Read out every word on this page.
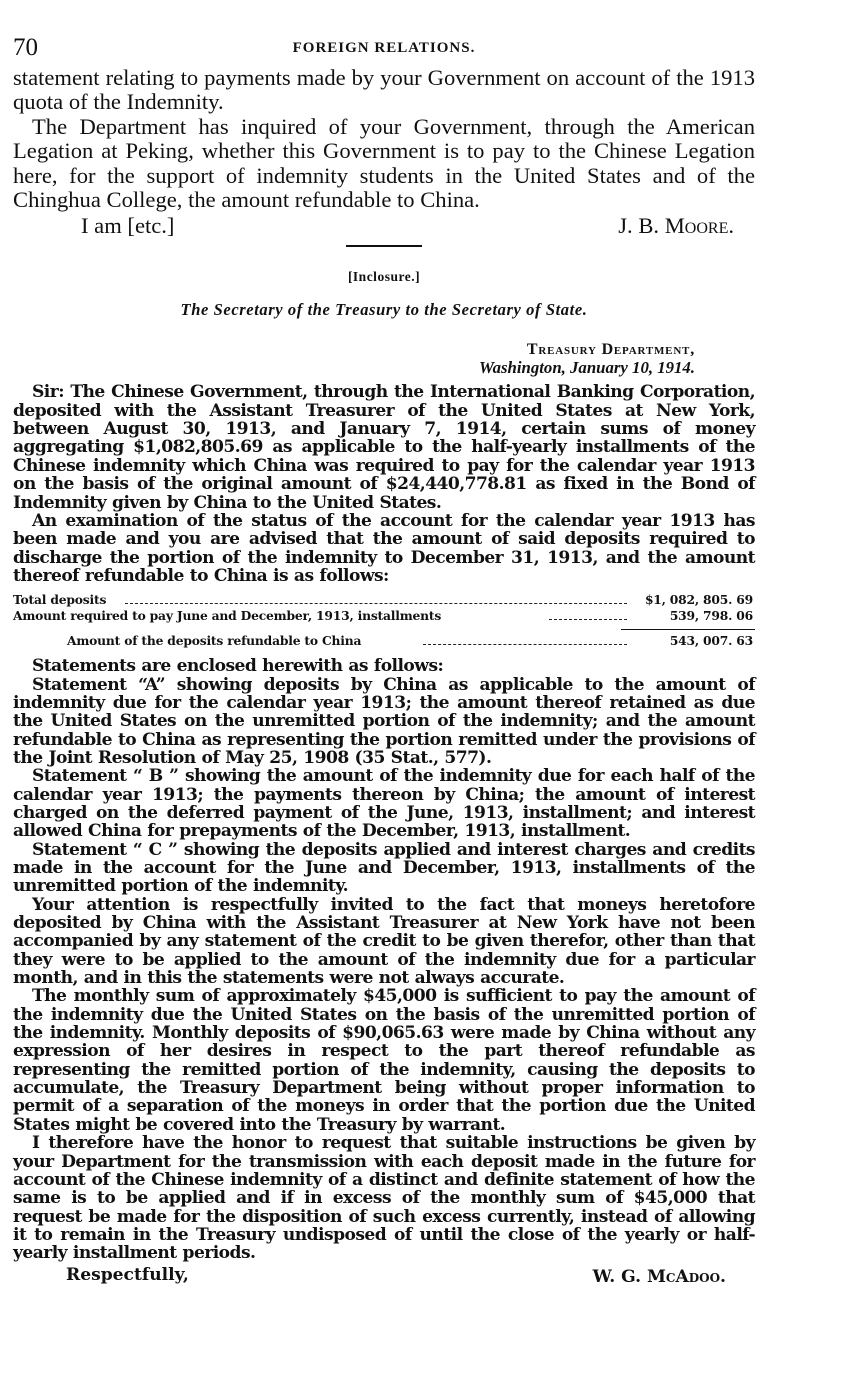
70	FOREIGN RELATIONS.

statement relating to payments made by your Government on account of the 1913 quota of the Indemnity.

The Department has inquired of your Government, through the American Legation at Peking, whether this Government is to pay to the Chinese Legation here, for the support of indemnity students in the United States and of the Chinghua College, the amount refundable to China.

I am [etc.]	J. B. Moore.
[Inclosure.]
The Secretary of the Treasury to the Secretary of State.
Treasury Department,
Washington, January 10, 1914.

Sir: The Chinese Government, through the International Banking Corporation, deposited with the Assistant Treasurer of the United States at New York, between August 30, 1913, and January 7, 1914, certain sums of money aggregating $1,082,805.69 as applicable to the half-yearly installments of the Chinese indemnity which China was required to pay for the calendar year 1913 on the basis of the original amount of $24,440,778.81 as fixed in the Bond of Indemnity given by China to the United States.

An examination of the status of the account for the calendar year 1913 has been made and you are advised that the amount of said deposits required to discharge the portion of the indemnity to December 31, 1913, and the amount thereof refundable to China is as follows:

Total deposits	$1, 082, 805. 69
Amount required to pay June and December, 1913, installments	539, 798. 06
Amount of the deposits refundable to China	543, 007. 63

Statements are enclosed herewith as follows:

Statement “A” showing deposits by China as applicable to the amount of indemnity due for the calendar year 1913; the amount thereof retained as due the United States on the unremitted portion of the indemnity; and the amount refundable to China as representing the portion remitted under the provisions of the Joint Resolution of May 25, 1908 (35 Stat., 577).

Statement “ B ” showing the amount of the indemnity due for each half of the calendar year 1913; the payments thereon by China; the amount of interest charged on the deferred payment of the June, 1913, installment; and interest allowed China for prepayments of the December, 1913, installment.

Statement “ C ” showing the deposits applied and interest charges and credits made in the account for the June and December, 1913, installments of the unremitted portion of the indemnity.

Your attention is respectfully invited to the fact that moneys heretofore deposited by China with the Assistant Treasurer at New York have not been accompanied by any statement of the credit to be given therefor, other than that they were to be applied to the amount of the indemnity due for a particular month, and in this the statements were not always accurate.

The monthly sum of approximately $45,000 is sufficient to pay the amount of the indemnity due the United States on the basis of the unremitted portion of the indemnity. Monthly deposits of $90,065.63 were made by China without any expression of her desires in respect to the part thereof refundable as representing the remitted portion of the indemnity, causing the deposits to accumulate, the Treasury Department being without proper information to permit of a separation of the moneys in order that the portion due the United States might be covered into the Treasury by warrant.

I therefore have the honor to request that suitable instructions be given by your Department for the transmission with each deposit made in the future for account of the Chinese indemnity of a distinct and definite statement of how the same is to be applied and if in excess of the monthly sum of $45,000 that request be made for the disposition of such excess currently, instead of allowing it to remain in the Treasury undisposed of until the close of the yearly or half-yearly installment periods.

Respectfully,	W. G. McAdoo.
